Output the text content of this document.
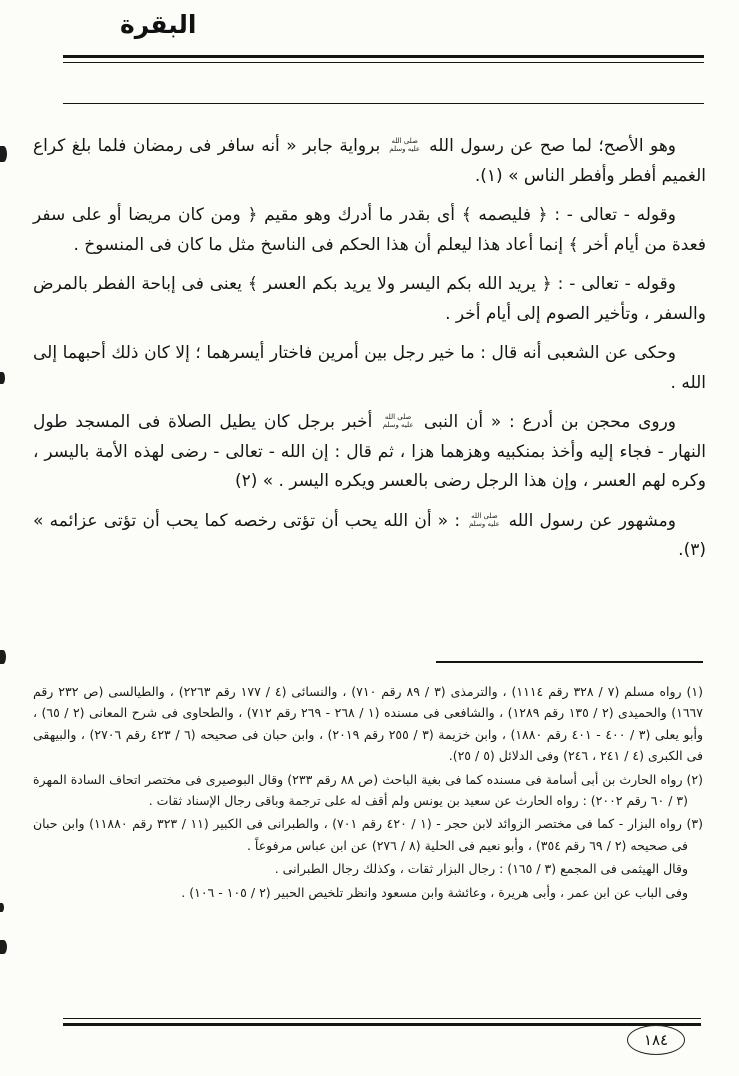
البقرة

وهو الأصح؛ لما صح عن رسول الله صلى الله عليه وسلم برواية جابر « أنه سافر فى رمضان فلما بلغ كراع الغميم أفطر وأفطر الناس » (١).

وقوله - تعالى - : ﴿ فليصمه ﴾ أى بقدر ما أدرك وهو مقيم ﴿ ومن كان مريضا أو على سفر فعدة من أيام أخر ﴾ إنما أعاد هذا ليعلم أن هذا الحكم فى الناسخ مثل ما كان فى المنسوخ .

وقوله - تعالى - : ﴿ يريد الله بكم اليسر ولا يريد بكم العسر ﴾ يعنى فى إباحة الفطر بالمرض والسفر ، وتأخير الصوم إلى أيام أخر .

وحكى عن الشعبى أنه قال : ما خير رجل بين أمرين فاختار أيسرهما ؛ إلا كان ذلك أحبهما إلى الله .

وروى محجن بن أدرع : « أن النبى صلى الله عليه وسلم أخبر برجل كان يطيل الصلاة فى المسجد طول النهار - فجاء إليه وأخذ بمنكبيه وهزهما هزا ، ثم قال : إن الله - تعالى - رضى لهذه الأمة باليسر ، وكره لهم العسر ، وإن هذا الرجل رضى بالعسر ويكره اليسر . » (٢)

ومشهور عن رسول الله صلى الله عليه وسلم : « أن الله يحب أن تؤتى رخصه كما يحب أن تؤتى عزائمه » (٣).

(١) رواه مسلم (٧ / ٣٢٨ رقم ١١١٤) ، والترمذى (٣ / ٨٩ رقم ٧١٠) ، والنسائى (٤ / ١٧٧ رقم ٢٢٦٣) ، والطيالسى (ص ٢٣٢ رقم ١٦٦٧) والحميدى (٢ / ١٣٥ رقم ١٢٨٩) ، والشافعى فى مسنده (١ / ٢٦٨ - ٢٦٩ رقم ٧١٢) ، والطحاوى فى شرح المعانى (٢ / ٦٥) ، وأبو يعلى (٣ / ٤٠٠ - ٤٠١ رقم ١٨٨٠) ، وابن خزيمة (٣ / ٢٥٥ رقم ٢٠١٩) ، وابن حبان فى صحيحه (٦ / ٤٢٣ رقم ٢٧٠٦) ، والبيهقى فى الكبرى (٤ / ٢٤١ ، ٢٤٦) وفى الدلائل (٥ / ٢٥).

(٢) رواه الحارث بن أبى أسامة فى مسنده كما فى بغية الباحث (ص ٨٨ رقم ٢٣٣) وقال البوصيرى فى مختصر اتحاف السادة المهرة (٣ / ٦٠ رقم ٢٠٠٢) : رواه الحارث عن سعيد بن يونس ولم أقف له على ترجمة وباقى رجال الإسناد ثقات .

(٣) رواه البزار - كما فى مختصر الزوائد لابن حجر - (١ / ٤٢٠ رقم ٧٠١) ، والطبرانى فى الكبير (١١ / ٣٢٣ رقم ١١٨٨٠) وابن حبان فى صحيحه (٢ / ٦٩ رقم ٣٥٤) ، وأبو نعيم فى الحلية (٨ / ٢٧٦) عن ابن عباس مرفوعاً .

وقال الهيثمى فى المجمع (٣ / ١٦٥) : رجال البزار ثقات ، وكذلك رجال الطبرانى .

وفى الباب عن ابن عمر ، وأبى هريرة ، وعائشة وابن مسعود وانظر تلخيص الحبير (٢ / ١٠٥ - ١٠٦) .

١٨٤
